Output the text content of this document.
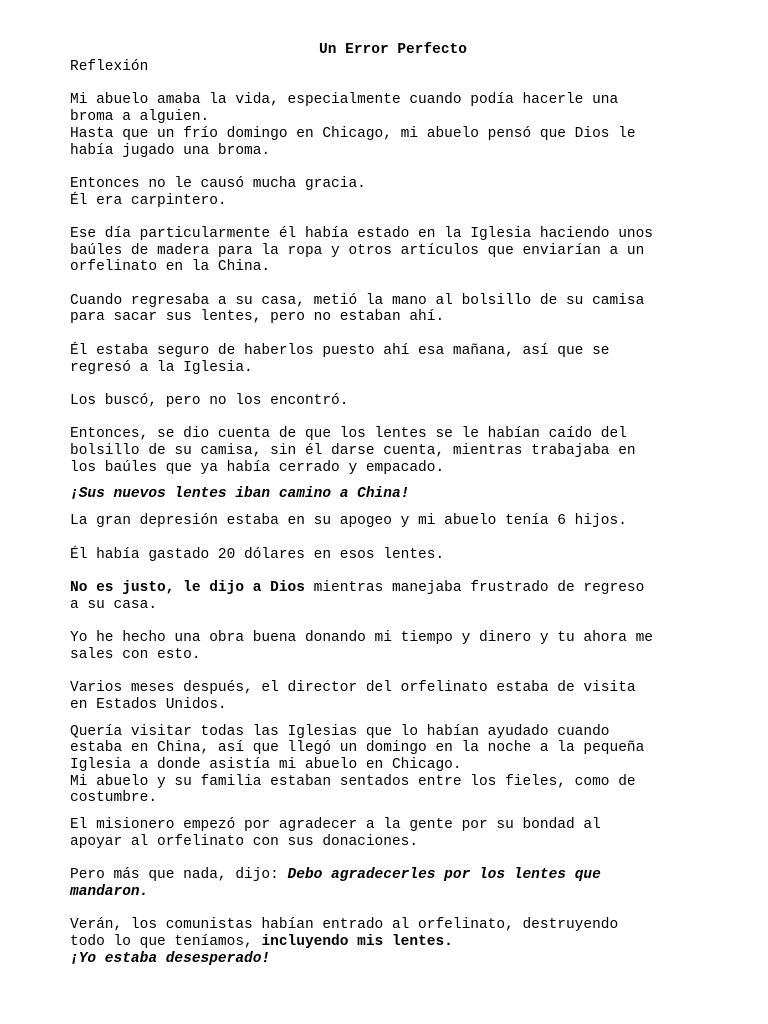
Un Error Perfecto

Reflexión

Mi abuelo amaba la vida, especialmente cuando podía hacerle una

broma a alguien.

Hasta que un frío domingo en Chicago, mi abuelo pensó que Dios le

había jugado una broma.

Entonces no le causó mucha gracia.

Él era carpintero.

Ese día particularmente él había estado en la Iglesia haciendo unos

baúles de madera para la ropa y otros artículos que enviarían a un

orfelinato en la China.

Cuando regresaba a su casa, metió la mano al bolsillo de su camisa

para sacar sus lentes, pero no estaban ahí.

Él estaba seguro de haberlos puesto ahí esa mañana, así que se

regresó a la Iglesia.

Los buscó, pero no los encontró.

Entonces, se dio cuenta de que los lentes se le habían caído del

bolsillo de su camisa, sin él darse cuenta, mientras trabajaba en

los baúles que ya había cerrado y empacado.

¡Sus nuevos lentes iban camino a China!

La gran depresión estaba en su apogeo y mi abuelo tenía 6 hijos.

Él había gastado 20 dólares en esos lentes.

No es justo, le dijo a Dios mientras manejaba frustrado de regreso

a su casa.

Yo he hecho una obra buena donando mi tiempo y dinero y tu ahora me

sales con esto.

Varios meses después, el director del orfelinato estaba de visita

en Estados Unidos.

Quería visitar todas las Iglesias que lo habían ayudado cuando

estaba en China, así que llegó un domingo en la noche a la pequeña

Iglesia a donde asistía mi abuelo en Chicago.

Mi abuelo y su familia estaban sentados entre los fieles, como de

costumbre.

El misionero empezó por agradecer a la gente por su bondad al

apoyar al orfelinato con sus donaciones.

Pero más que nada, dijo: Debo agradecerles por los lentes que

mandaron.

Verán, los comunistas habían entrado al orfelinato, destruyendo

todo lo que teníamos, incluyendo mis lentes.

¡Yo estaba desesperado!
